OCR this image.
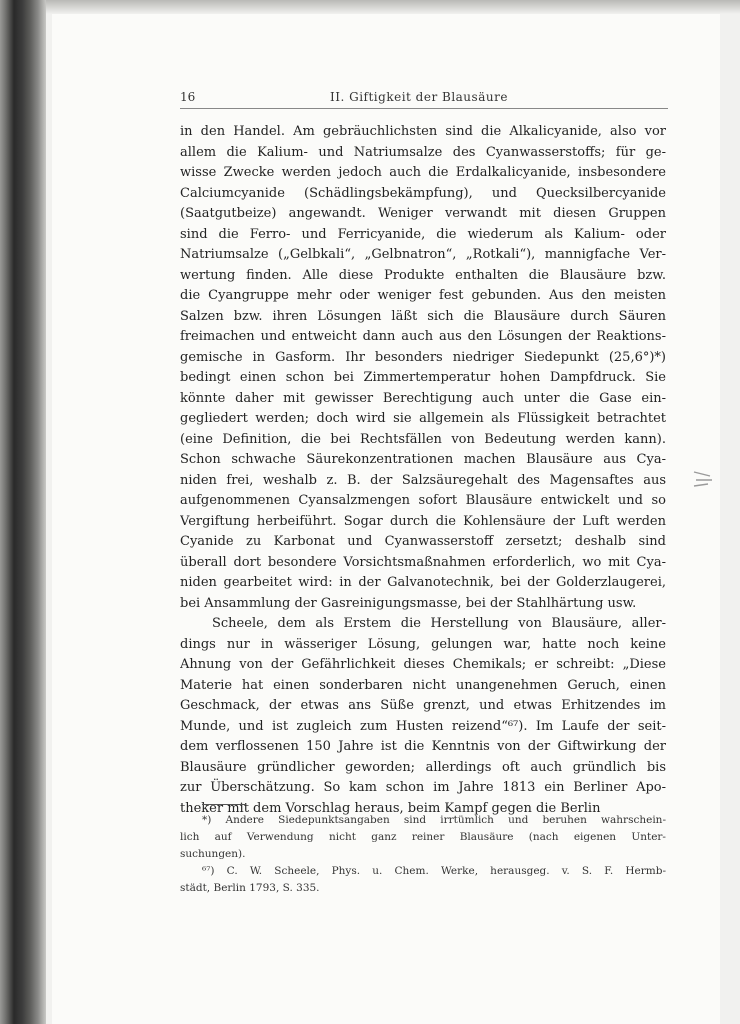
16	II. Giftigkeit der Blausäure
in den Handel. Am gebräuchlichsten sind die Alkalicyanide, also vor
allem die Kalium- und Natriumsalze des Cyanwasserstoffs; für ge-
wisse Zwecke werden jedoch auch die Erdalkalicyanide, insbesondere
Calciumcyanide (Schädlingsbekämpfung), und Quecksilbercyanide
(Saatgutbeize) angewandt. Weniger verwandt mit diesen Gruppen
sind die Ferro- und Ferricyanide, die wiederum als Kalium- oder
Natriumsalze („Gelbkali“, „Gelbnatron“, „Rotkali“), mannigfache Ver-
wertung finden. Alle diese Produkte enthalten die Blausäure bzw.
die Cyangruppe mehr oder weniger fest gebunden. Aus den meisten
Salzen bzw. ihren Lösungen läßt sich die Blausäure durch Säuren
freimachen und entweicht dann auch aus den Lösungen der Reaktions-
gemische in Gasform. Ihr besonders niedriger Siedepunkt (25,6°)*)
bedingt einen schon bei Zimmertemperatur hohen Dampfdruck. Sie
könnte daher mit gewisser Berechtigung auch unter die Gase ein-
gegliedert werden; doch wird sie allgemein als Flüssigkeit betrachtet
(eine Definition, die bei Rechtsfällen von Bedeutung werden kann).
Schon schwache Säurekonzentrationen machen Blausäure aus Cya-
niden frei, weshalb z. B. der Salzsäuregehalt des Magensaftes aus
aufgenommenen Cyansalzmengen sofort Blausäure entwickelt und so
Vergiftung herbeiführt. Sogar durch die Kohlensäure der Luft werden
Cyanide zu Karbonat und Cyanwasserstoff zersetzt; deshalb sind
überall dort besondere Vorsichtsmaßnahmen erforderlich, wo mit Cya-
niden gearbeitet wird: in der Galvanotechnik, bei der Golderzlaugerei,
bei Ansammlung der Gasreinigungsmasse, bei der Stahlhärtung usw.
Scheele, dem als Erstem die Herstellung von Blausäure, aller-
dings nur in wässeriger Lösung, gelungen war, hatte noch keine
Ahnung von der Gefährlichkeit dieses Chemikals; er schreibt: „Diese
Materie hat einen sonderbaren nicht unangenehmen Geruch, einen
Geschmack, der etwas ans Süße grenzt, und etwas Erhitzendes im
Munde, und ist zugleich zum Husten reizend“⁶⁷). Im Laufe der seit-
dem verflossenen 150 Jahre ist die Kenntnis von der Giftwirkung der
Blausäure gründlicher geworden; allerdings oft auch gründlich bis
zur Überschätzung. So kam schon im Jahre 1813 ein Berliner Apo-
theker mit dem Vorschlag heraus, beim Kampf gegen die Berlin
*) Andere Siedepunktsangaben sind irrtümlich und beruhen wahrschein-
lich auf Verwendung nicht ganz reiner Blausäure (nach eigenen Unter-
suchungen).
⁶⁷) C. W. Scheele, Phys. u. Chem. Werke, herausgeg. v. S. F. Hermb-
städt, Berlin 1793, S. 335.
